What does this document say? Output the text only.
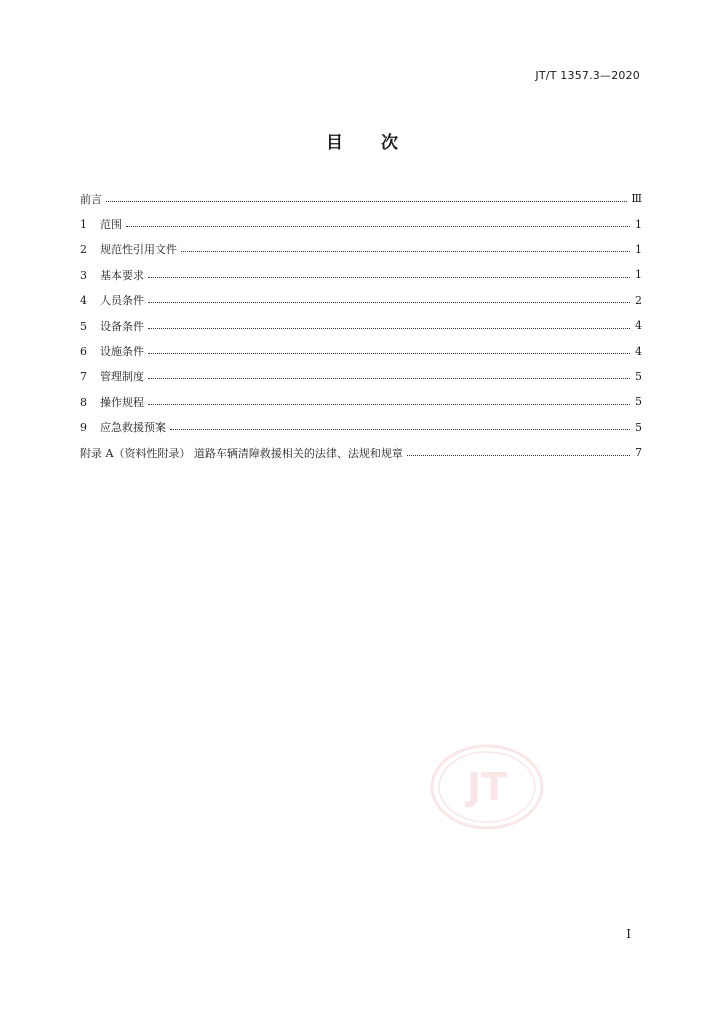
JT/T 1357.3—2020
目 次
前言	Ⅲ
1 范围	1
2 规范性引用文件	1
3 基本要求	1
4 人员条件	2
5 设备条件	4
6 设施条件	4
7 管理制度	5
8 操作规程	5
9 应急救援预案	5
附录 A（资料性附录） 道路车辆清障救援相关的法律、法规和规章	7
JT
I
